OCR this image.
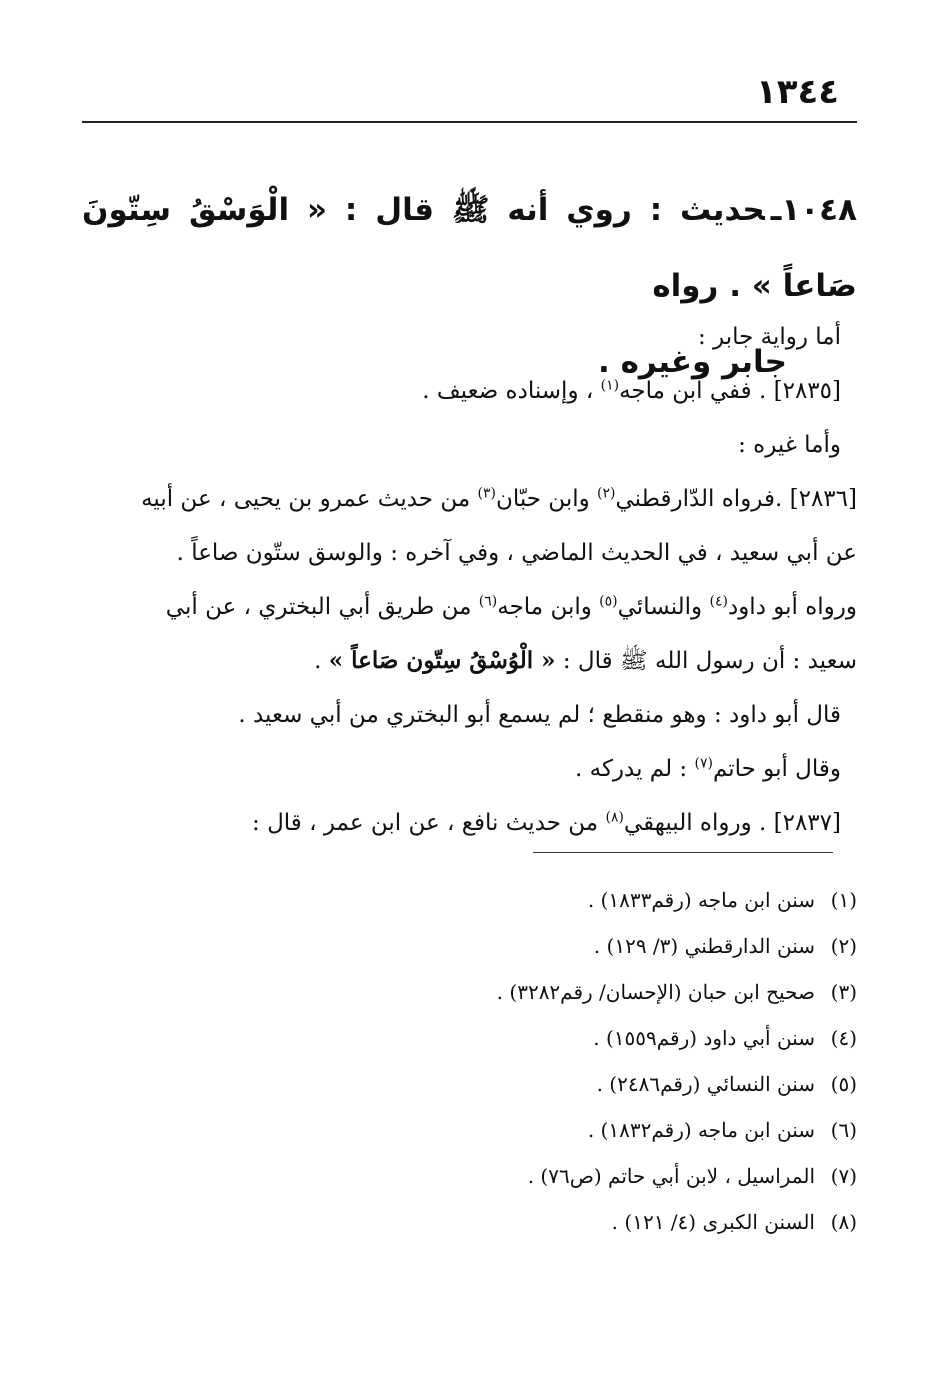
١٣٤٤
١٠٤٨ـحديث : روي أنه ﷺ قال : « الْوَسْقُ سِتّونَ صَاعاً » . رواه
جابر وغيره .

أما رواية جابر :

[٢٨٣٥] . ففي ابن ماجه$^{(١)}$ ، وإسناده ضعيف .

وأما غيره :

[٢٨٣٦] .فرواه الدّارقطني$^{(٢)}$ وابن حبّان$^{(٣)}$ من حديث عمرو بن يحيى ، عن أبيه

عن أبي سعيد ، في الحديث الماضي ، وفي آخره : والوسق ستّون صاعاً .

ورواه أبو داود$^{(٤)}$ والنسائي$^{(٥)}$ وابن ماجه$^{(٦)}$ من طريق أبي البختري ، عن أبي

سعيد : أن رسول الله ﷺ قال : « الْوُسْقُ سِتّون صَاعاً » .

قال أبو داود : وهو منقطع ؛ لم يسمع أبو البختري من أبي سعيد .

وقال أبو حاتم$^{(٧)}$ : لم يدركه .

[٢٨٣٧] . ورواه البيهقي$^{(٨)}$ من حديث نافع ، عن ابن عمر ، قال :

(١)سنن ابن ماجه (رقم١٨٣٣) .

(٢)سنن الدارقطني (٣/ ١٢٩) .

(٣)صحيح ابن حبان (الإحسان/ رقم٣٢٨٢) .

(٤)سنن أبي داود (رقم١٥٥٩) .

(٥)سنن النسائي (رقم٢٤٨٦) .

(٦)سنن ابن ماجه (رقم١٨٣٢) .

(٧)المراسيل ، لابن أبي حاتم (ص٧٦) .

(٨)السنن الكبرى (٤/ ١٢١) .
